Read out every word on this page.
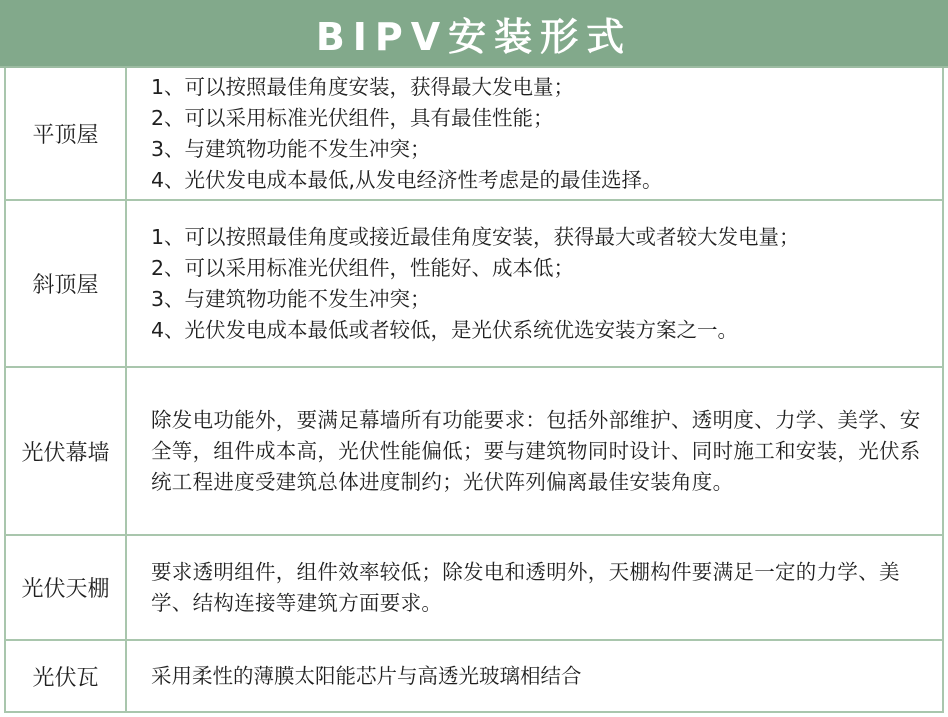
BIPV安装形式
平顶屋
1、可以按照最佳角度安装，获得最大发电量；
2、可以采用标准光伏组件，具有最佳性能；
3、与建筑物功能不发生冲突；
4、光伏发电成本最低,从发电经济性考虑是的最佳选择。
斜顶屋
1、可以按照最佳角度或接近最佳角度安装，获得最大或者较大发电量；
2、可以采用标准光伏组件，性能好、成本低；
3、与建筑物功能不发生冲突；
4、光伏发电成本最低或者较低，是光伏系统优选安装方案之一。
光伏幕墙
除发电功能外，要满足幕墙所有功能要求：包括外部维护、透明度、力学、美学、安全等，组件成本高，光伏性能偏低；要与建筑物同时设计、同时施工和安装，光伏系统工程进度受建筑总体进度制约；光伏阵列偏离最佳安装角度。
光伏天棚
要求透明组件，组件效率较低；除发电和透明外，天棚构件要满足一定的力学、美学、结构连接等建筑方面要求。
光伏瓦	采用柔性的薄膜太阳能芯片与高透光玻璃相结合
